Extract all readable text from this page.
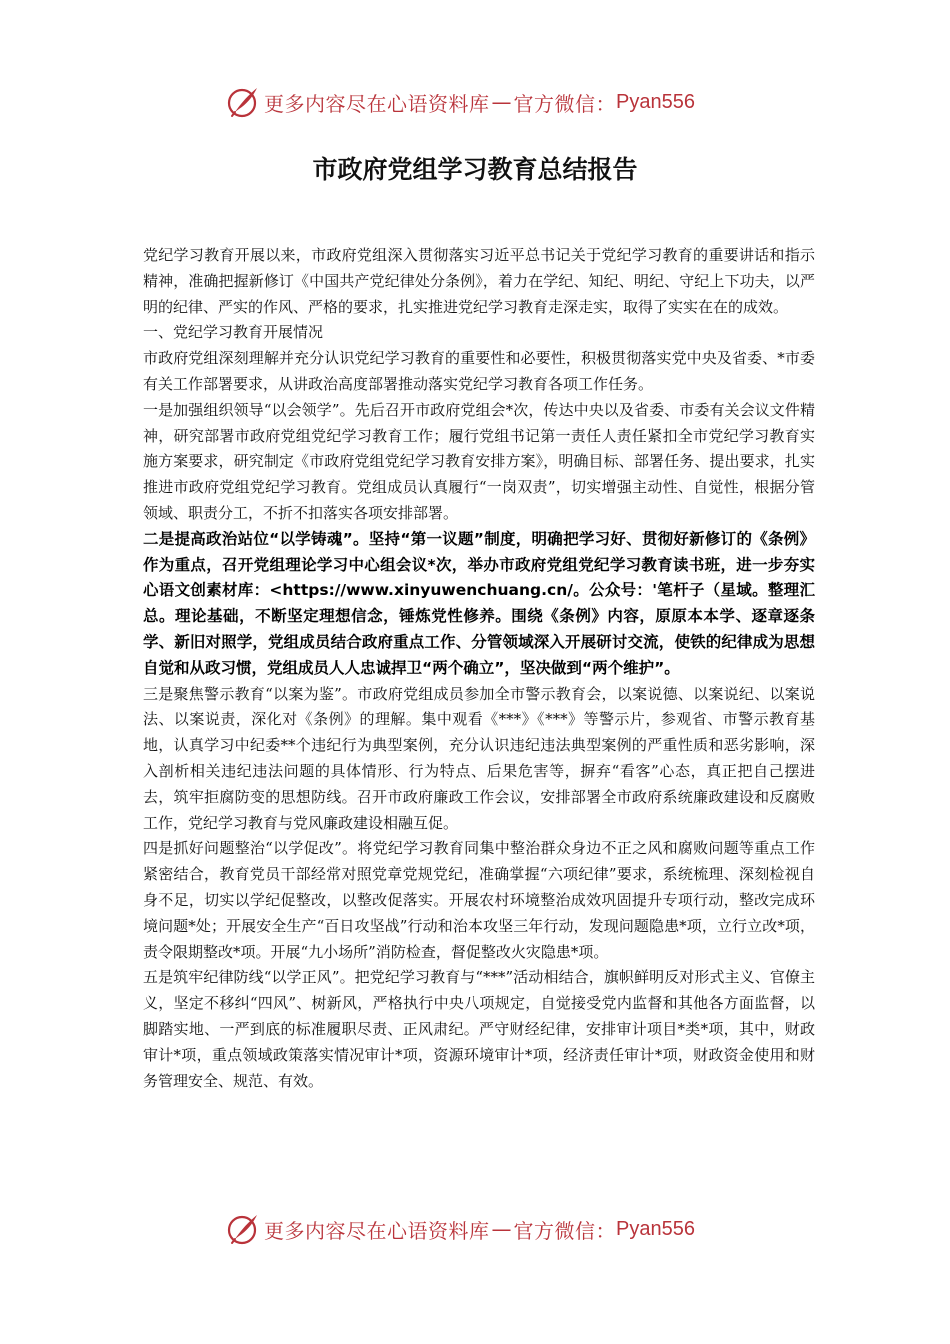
更多内容尽在心语资料库 — 官方微信： Pyan556
市政府党组学习教育总结报告

党纪学习教育开展以来，市政府党组深入贯彻落实习近平总书记关于党纪学习教育的重要讲话和指示精神，准确把握新修订《中国共产党纪律处分条例》，着力在学纪、知纪、明纪、守纪上下功夫，以严明的纪律、严实的作风、严格的要求，扎实推进党纪学习教育走深走实，取得了实实在在的成效。

一、党纪学习教育开展情况

市政府党组深刻理解并充分认识党纪学习教育的重要性和必要性，积极贯彻落实党中央及省委、*市委有关工作部署要求，从讲政治高度部署推动落实党纪学习教育各项工作任务。

一是加强组织领导“以会领学”。先后召开市政府党组会*次，传达中央以及省委、市委有关会议文件精神，研究部署市政府党组党纪学习教育工作；履行党组书记第一责任人责任紧扣全市党纪学习教育实施方案要求，研究制定《市政府党组党纪学习教育安排方案》，明确目标、部署任务、提出要求，扎实推进市政府党组党纪学习教育。党组成员认真履行“一岗双责”，切实增强主动性、自觉性，根据分管领域、职责分工，不折不扣落实各项安排部署。

二是提高政治站位“以学铸魂”。坚持“第一议题”制度，明确把学习好、贯彻好新修订的《条例》作为重点，召开党组理论学习中心组会议*次，举办市政府党组党纪学习教育读书班，进一步夯实心语文创素材库：<https://www.xinyuwenchuang.cn/。公众号：'笔杆子（星域。整理汇总。理论基础，不断坚定理想信念，锤炼党性修养。围绕《条例》内容，原原本本学、逐章逐条学、新旧对照学，党组成员结合政府重点工作、分管领域深入开展研讨交流，使铁的纪律成为思想自觉和从政习惯，党组成员人人忠诚捍卫“两个确立”，坚决做到“两个维护”。

三是聚焦警示教育“以案为鉴”。市政府党组成员参加全市警示教育会，以案说德、以案说纪、以案说法、以案说责，深化对《条例》的理解。集中观看《***》《***》等警示片，参观省、市警示教育基地，认真学习中纪委**个违纪行为典型案例，充分认识违纪违法典型案例的严重性质和恶劣影响，深入剖析相关违纪违法问题的具体情形、行为特点、后果危害等，摒弃“看客”心态，真正把自己摆进去，筑牢拒腐防变的思想防线。召开市政府廉政工作会议，安排部署全市政府系统廉政建设和反腐败工作，党纪学习教育与党风廉政建设相融互促。

四是抓好问题整治“以学促改”。将党纪学习教育同集中整治群众身边不正之风和腐败问题等重点工作紧密结合，教育党员干部经常对照党章党规党纪，准确掌握“六项纪律”要求，系统梳理、深刻检视自身不足，切实以学纪促整改，以整改促落实。开展农村环境整治成效巩固提升专项行动，整改完成环境问题*处；开展安全生产“百日攻坚战”行动和治本攻坚三年行动，发现问题隐患*项，立行立改*项，责令限期整改*项。开展“九小场所”消防检查，督促整改火灾隐患*项。

五是筑牢纪律防线“以学正风”。把党纪学习教育与“***”活动相结合，旗帜鲜明反对形式主义、官僚主义，坚定不移纠“四风”、树新风，严格执行中央八项规定，自觉接受党内监督和其他各方面监督，以脚踏实地、一严到底的标准履职尽责、正风肃纪。严守财经纪律，安排审计项目*类*项，其中，财政审计*项，重点领域政策落实情况审计*项，资源环境审计*项，经济责任审计*项，财政资金使用和财务管理安全、规范、有效。

更多内容尽在心语资料库 — 官方微信： Pyan556
